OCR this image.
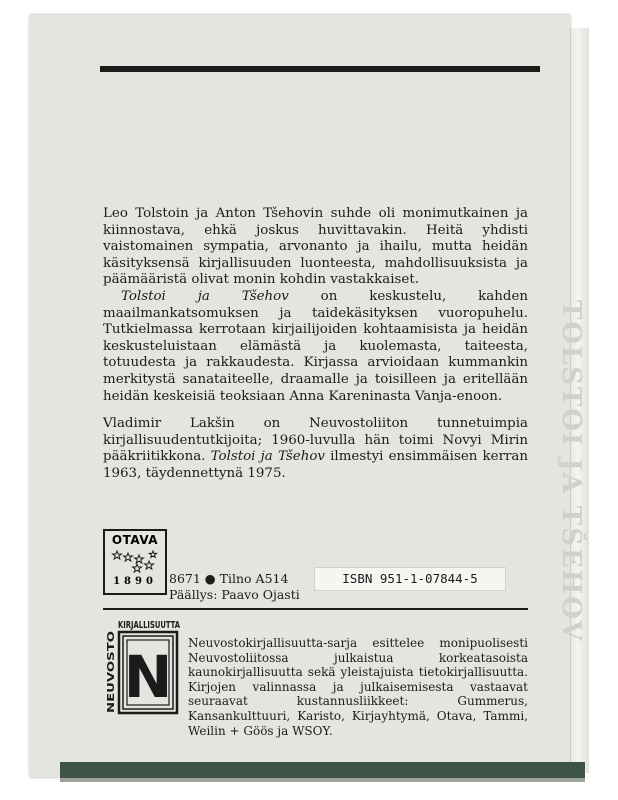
TOLSTOI JA TŠEHOV

Leo Tolstoin ja Anton Tšehovin suhde oli monimutkainen ja kiinnostava, ehkä joskus huvittavakin. Heitä yhdisti vaistomainen sympatia, arvonanto ja ihailu, mutta heidän käsityksensä kirjallisuuden luonteesta, mahdollisuuksista ja päämääristä olivat monin kohdin vastakkaiset.

Tolstoi ja Tšehov on keskustelu, kahden maailmankatsomuksen ja taidekäsityksen vuoropuhelu. Tutkielmassa kerrotaan kirjailijoiden kohtaamisista ja heidän keskusteluistaan elämästä ja kuolemasta, taiteesta, totuudesta ja rakkaudesta. Kirjassa arvioidaan kummankin merkitystä sanataiteelle, draamalle ja toisilleen ja eritellään heidän keskeisiä teoksiaan Anna Kareninasta Vanja-enoon.

Vladimir Lakšin on Neuvostoliiton tunnetuimpia kirjallisuudentutkijoita; 1960-luvulla hän toimi Novyi Mirin pääkriitikkona. Tolstoi ja Tšehov ilmestyi ensimmäisen kerran 1963, täydennettynä 1975.

OTAVA
1890 8671 ● Tilno A514
Päällys: Paavo Ojasti
ISBN 951-1-07844-5
KIRJALLISUUTTA
NEUVOSTO N Neuvostokirjallisuutta-sarja esittelee monipuolisesti Neuvostoliitossa julkaistua korkeatasoista kaunokirjallisuutta sekä yleistajuista tietokirjallisuutta. Kirjojen valinnassa ja julkaisemisesta vastaavat seuraavat kustannusliikkeet: Gummerus, Kansankulttuuri, Karisto, Kirjayhtymä, Otava, Tammi, Weilin + Göös ja WSOY.
